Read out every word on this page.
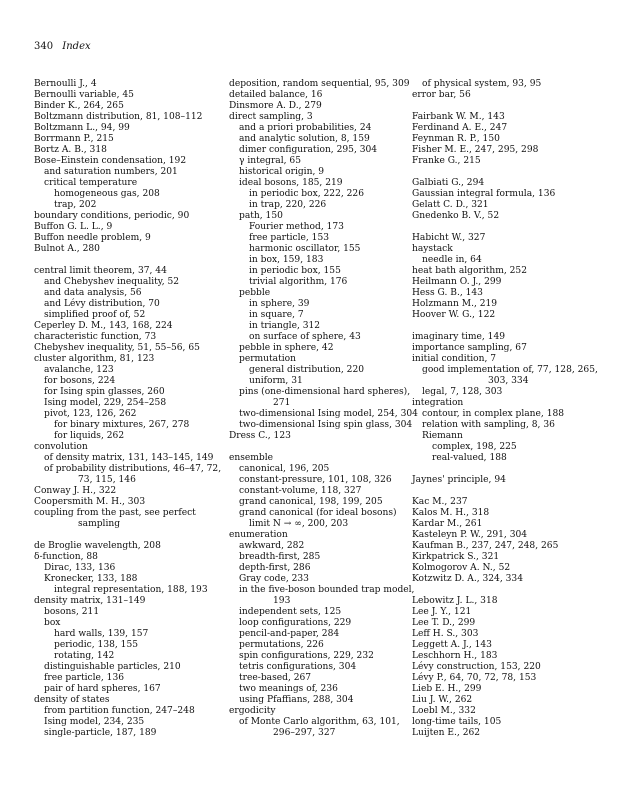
340 Index
Bernoulli J., 4
Bernoulli variable, 45
Binder K., 264, 265
Boltzmann distribution, 81, 108–112
Boltzmann L., 94, 99
Borrmann P., 215
Bortz A. B., 318
Bose–Einstein condensation, 192
and saturation numbers, 201
critical temperature
homogeneous gas, 208
trap, 202
boundary conditions, periodic, 90
Buffon G. L. L., 9
Buffon needle problem, 9
Bulnot A., 280
central limit theorem, 37, 44
and Chebyshev inequality, 52
and data analysis, 56
and Lévy distribution, 70
simplified proof of, 52
Ceperley D. M., 143, 168, 224
characteristic function, 73
Chebyshev inequality, 51, 55–56, 65
cluster algorithm, 81, 123
avalanche, 123
for bosons, 224
for Ising spin glasses, 260
Ising model, 229, 254–258
pivot, 123, 126, 262
for binary mixtures, 267, 278
for liquids, 262
convolution
of density matrix, 131, 143–145, 149
of probability distributions, 46–47, 72,
73, 115, 146
Conway J. H., 322
Coopersmith M. H., 303
coupling from the past, see perfect
sampling
de Broglie wavelength, 208
δ-function, 88
Dirac, 133, 136
Kronecker, 133, 188
integral representation, 188, 193
density matrix, 131–149
bosons, 211
box
hard walls, 139, 157
periodic, 138, 155
rotating, 142
distinguishable particles, 210
free particle, 136
pair of hard spheres, 167
density of states
from partition function, 247–248
Ising model, 234, 235
single-particle, 187, 189
deposition, random sequential, 95, 309
detailed balance, 16
Dinsmore A. D., 279
direct sampling, 3
and a priori probabilities, 24
and analytic solution, 8, 159
dimer configuration, 295, 304
γ integral, 65
historical origin, 9
ideal bosons, 185, 219
in periodic box, 222, 226
in trap, 220, 226
path, 150
Fourier method, 173
free particle, 153
harmonic oscillator, 155
in box, 159, 183
in periodic box, 155
trivial algorithm, 176
pebble
in sphere, 39
in square, 7
in triangle, 312
on surface of sphere, 43
pebble in sphere, 42
permutation
general distribution, 220
uniform, 31
pins (one-dimensional hard spheres),
271
two-dimensional Ising model, 254, 304
two-dimensional Ising spin glass, 304
Dress C., 123
ensemble
canonical, 196, 205
constant-pressure, 101, 108, 326
constant-volume, 118, 327
grand canonical, 198, 199, 205
grand canonical (for ideal bosons)
limit N → ∞, 200, 203
enumeration
awkward, 282
breadth-first, 285
depth-first, 286
Gray code, 233
in the five-boson bounded trap model,
193
independent sets, 125
loop configurations, 229
pencil-and-paper, 284
permutations, 226
spin configurations, 229, 232
tetris configurations, 304
tree-based, 267
two meanings of, 236
using Pfaffians, 288, 304
ergodicity
of Monte Carlo algorithm, 63, 101,
296–297, 327
of physical system, 93, 95
error bar, 56
Fairbank W. M., 143
Ferdinand A. E., 247
Feynman R. P., 150
Fisher M. E., 247, 295, 298
Franke G., 215
Galbiati G., 294
Gaussian integral formula, 136
Gelatt C. D., 321
Gnedenko B. V., 52
Habicht W., 327
haystack
needle in, 64
heat bath algorithm, 252
Heilmann O. J., 299
Hess G. B., 143
Holzmann M., 219
Hoover W. G., 122
imaginary time, 149
importance sampling, 67
initial condition, 7
good implementation of, 77, 128, 265,
303, 334
legal, 7, 128, 303
integration
contour, in complex plane, 188
relation with sampling, 8, 36
Riemann
complex, 198, 225
real-valued, 188
Jaynes' principle, 94
Kac M., 237
Kalos M. H., 318
Kardar M., 261
Kasteleyn P. W., 291, 304
Kaufman B., 237, 247, 248, 265
Kirkpatrick S., 321
Kolmogorov A. N., 52
Kotzwitz D. A., 324, 334
Lebowitz J. L., 318
Lee J. Y., 121
Lee T. D., 299
Leff H. S., 303
Leggett A. J., 143
Leschhorn H., 183
Lévy construction, 153, 220
Lévy P., 64, 70, 72, 78, 153
Lieb E. H., 299
Liu J. W., 262
Loebl M., 332
long-time tails, 105
Luijten E., 262
